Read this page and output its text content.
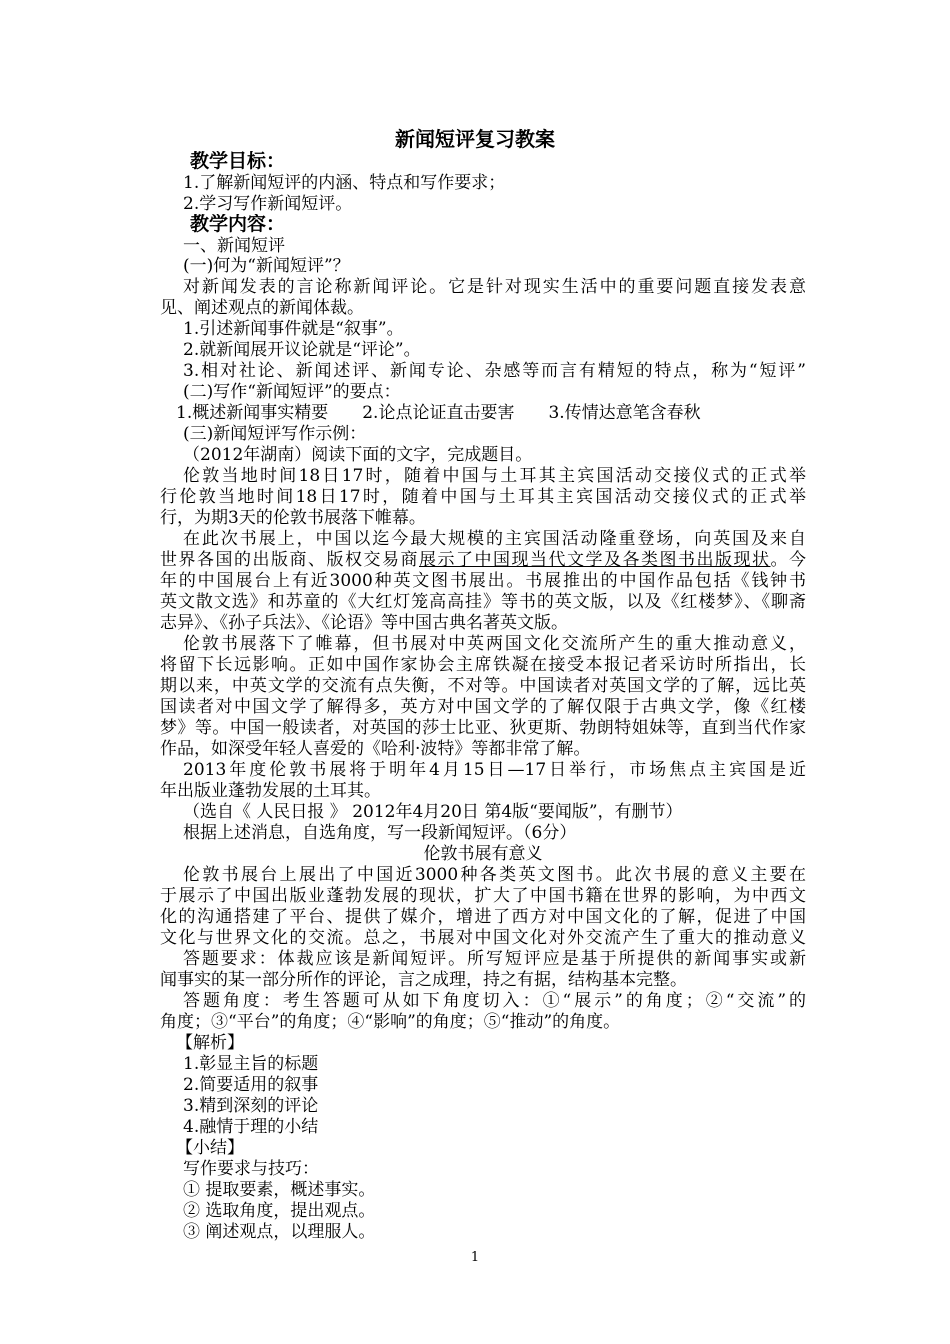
新闻短评复习教案
教学目标：
1.了解新闻短评的内涵、特点和写作要求；
2.学习写作新闻短评。
教学内容：
一、新闻短评
(一)何为“新闻短评”？
对新闻发表的言论称新闻评论。它是针对现实生活中的重要问题直接发表意
见、阐述观点的新闻体裁。
1.引述新闻事件就是“叙事”。
2.就新闻展开议论就是“评论”。
3.相对社论、新闻述评、新闻专论、杂感等而言有精短的特点，称为“短评”
(二)写作“新闻短评”的要点：
1.概述新闻事实精要　　2.论点论证直击要害　　3.传情达意笔含春秋
(三)新闻短评写作示例：
（2012年湖南）阅读下面的文字，完成题目。
伦敦当地时间18日17时，随着中国与土耳其主宾国活动交接仪式的正式举
行伦敦当地时间18日17时，随着中国与土耳其主宾国活动交接仪式的正式举
行，为期3天的伦敦书展落下帷幕。
在此次书展上，中国以迄今最大规模的主宾国活动隆重登场，向英国及来自
世界各国的出版商、版权交易商展示了中国现当代文学及各类图书出版现状。今
年的中国展台上有近3000种英文图书展出。书展推出的中国作品包括《钱钟书
英文散文选》和苏童的《大红灯笼高高挂》等书的英文版，以及《红楼梦》、《聊斋
志异》、《孙子兵法》、《论语》等中国古典名著英文版。
伦敦书展落下了帷幕，但书展对中英两国文化交流所产生的重大推动意义，
将留下长远影响。正如中国作家协会主席铁凝在接受本报记者采访时所指出，长
期以来，中英文学的交流有点失衡，不对等。中国读者对英国文学的了解，远比英
国读者对中国文学了解得多，英方对中国文学的了解仅限于古典文学，像《红楼
梦》等。中国一般读者，对英国的莎士比亚、狄更斯、勃朗特姐妹等，直到当代作家
作品，如深受年轻人喜爱的《哈利·波特》等都非常了解。
2013年度伦敦书展将于明年4月15日—17日举行，市场焦点主宾国是近
年出版业蓬勃发展的土耳其。
（选自《 人民日报 》 2012年4月20日 第4版“要闻版”，有删节）
根据上述消息，自选角度，写一段新闻短评。（6分）
伦敦书展有意义
伦敦书展台上展出了中国近3000种各类英文图书。此次书展的意义主要在
于展示了中国出版业蓬勃发展的现状，扩大了中国书籍在世界的影响，为中西文
化的沟通搭建了平台、提供了媒介，增进了西方对中国文化的了解，促进了中国
文化与世界文化的交流。总之，书展对中国文化对外交流产生了重大的推动意义
答题要求：体裁应该是新闻短评。所写短评应是基于所提供的新闻事实或新
闻事实的某一部分所作的评论，言之成理，持之有据，结构基本完整。
答题角度：考生答题可从如下角度切入：①“展示”的角度；②“交流”的
角度；③“平台”的角度；④“影响”的角度；⑤“推动”的角度。
【解析】
1.彰显主旨的标题
2.简要适用的叙事
3.精到深刻的评论
4.融情于理的小结
【小结】
写作要求与技巧：
① 提取要素，概述事实。
② 选取角度，提出观点。
③ 阐述观点，以理服人。
1
